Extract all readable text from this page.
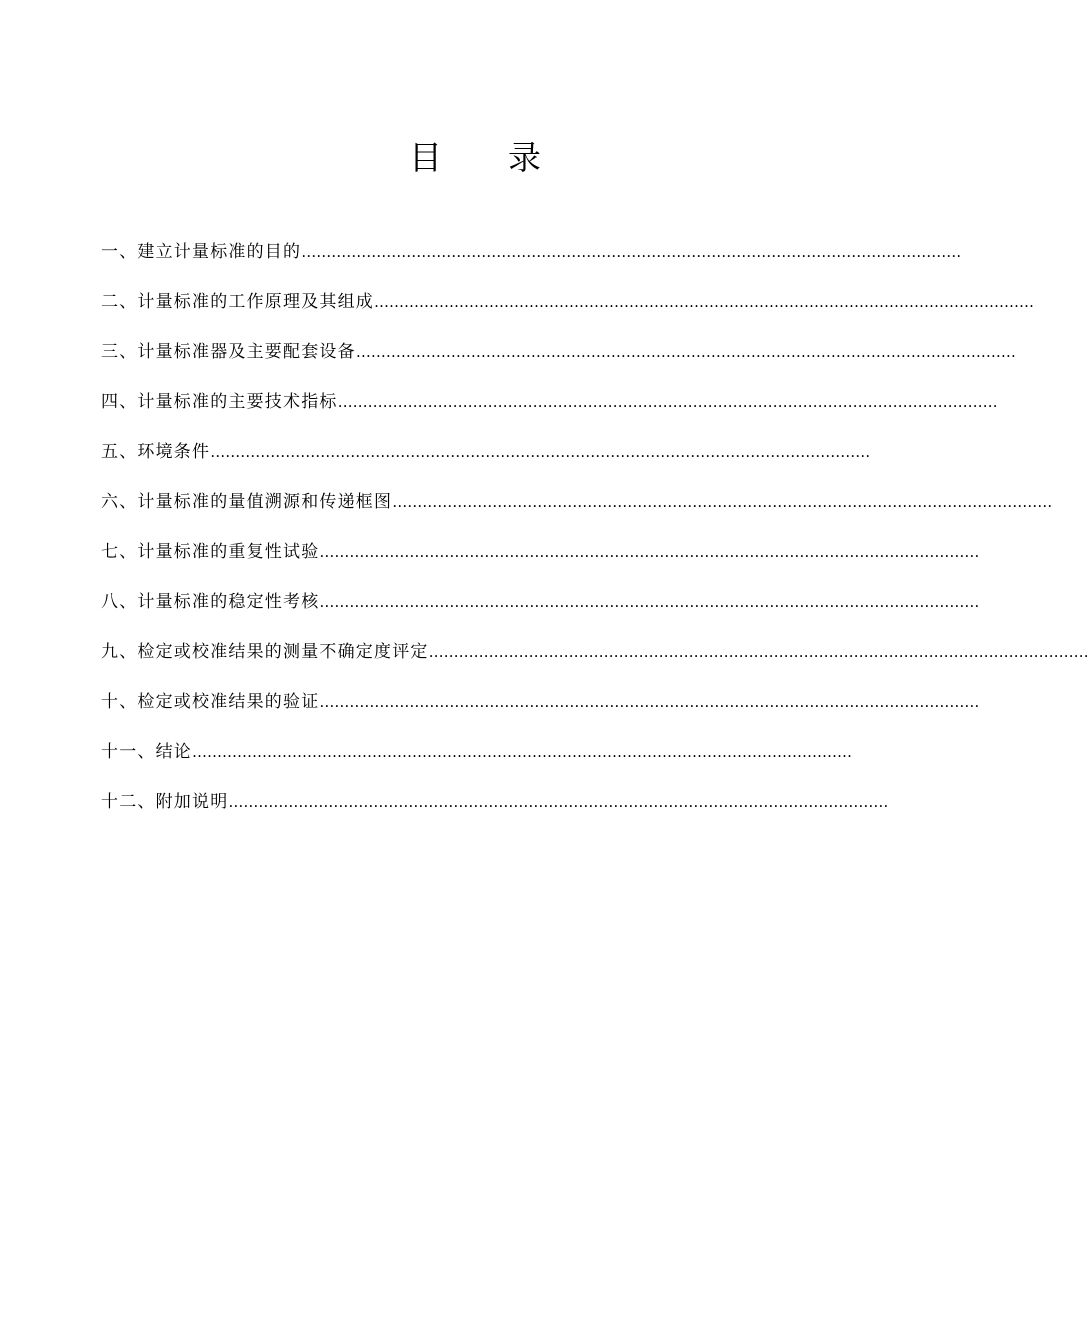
目 录
一、建立计量标准的目的 ……………………………………………………………………………………………………………………
二、计量标准的工作原理及其组成 ……………………………………………………………………………………………………………………
三、计量标准器及主要配套设备 ……………………………………………………………………………………………………………………
四、计量标准的主要技术指标 ……………………………………………………………………………………………………………………
五、环境条件 ……………………………………………………………………………………………………………………
六、计量标准的量值溯源和传递框图 ……………………………………………………………………………………………………………………
七、计量标准的重复性试验 ……………………………………………………………………………………………………………………
八、计量标准的稳定性考核 ……………………………………………………………………………………………………………………
九、检定或校准结果的测量不确定度评定 ……………………………………………………………………………………………………………………
十、检定或校准结果的验证 ……………………………………………………………………………………………………………………
十一、结论 ……………………………………………………………………………………………………………………
十二、附加说明 ……………………………………………………………………………………………………………………
